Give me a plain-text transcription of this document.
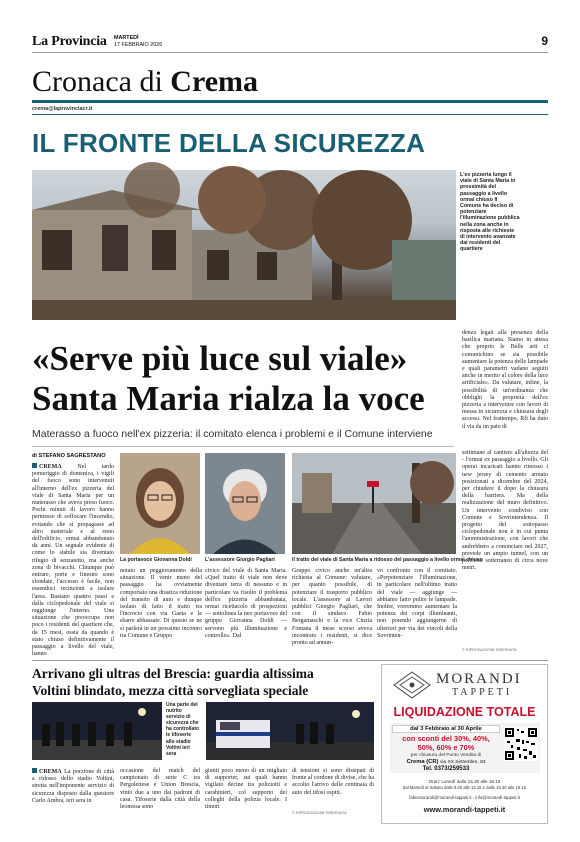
La Provincia MARTEDÌ
17 FEBBRAIO 2026	9
Cronaca di Crema
crema@laprovinciacr.it
IL FRONTE DELLA SICUREZZA
L'ex pizzeria lungo il viale di Santa Maria in prossimità del passaggio a livello ormai chiuso Il Comune ha deciso di potenziare l'illuminazione pubblica nella zona anche in risposta alle richieste di intervento avanzate dai residenti del quartiere
«Serve più luce sul viale»
Santa Maria rialza la voce
Materasso a fuoco nell'ex pizzeria: il comitato elenca i problemi e il Comune interviene
di STEFANO SAGRESTANO
CREMA	Nel tardo pomeriggio di domenica, i vigili del fuoco sono intervenuti all'interno dell'ex pizzeria del viale di Santa Maria per un materasso che aveva preso fuoco. Pochi minuti di lavoro hanno permesso di soffocare l'incendio, evitando che si propagasse ad altro materiale e al resto dell'edificio, ormai abbandonato da anni. Un segnale evidente di come lo stabile sia diventato rifugio di senzatetto, ma anche zona di bivacchi. Chiunque può entrare, porte e finestre sono sfondate, l'accesso è facile, non essendoci recinzioni a isolare l'area. Bastano quattro passi e dalla ciclopedonale del viale si raggiunge l'interno. Una situazione che preoccupa non poco i residenti del quartiere che, da 15 mesi, ossia da quando è stato chiuso definitivamente il passaggio a livello del viale, hanno
La portavoce Giovanna Doldi	L'assessore Giorgio Pagliari	Il tratto del viale di Santa Maria a ridosso del passaggio a livello ormai chiuso
notato un peggioramento della situazione. Il venir meno del passaggio ha ovviamente comportato una drastica riduzione del transito di auto e dunque isolato di fatto il tratto tra l'incrocio con via Gaeta e le sbarre abbassate. Di questo se ne si parlerà in un prossimo incontro tra Comune e Gruppo
civico del viale di Santa Maria. «Quel tratto di viale non deve diventare terra di nessuno e in particolare va risolto il problema dell'ex pizzeria abbandonata, ormai ricettacolo di prospezioni — sottolinea la neo portavoce del gruppo Giovanna Doldi — servono più illuminazione e controllo». Dal
Gruppo civico anche un'altra richiesta al Comune: valutare, per quanto possibile, di potenziare il trasporto pubblico locale. L'assessore ai Lavori pubblici Giorgio Pagliari, che con il sindaco Fabio Bergamaschi e la vice Cinzia Fontana il mese scorso aveva incontrato i residenti, si dice pronto ad annun-
vo confronto con il comitato. «Perpotenziare l'illuminazione, in particolare nell'ultimo tratto del viale — aggiunge — abbiamo fatto pulire le lampade. Inoltre, vorremmo aumentare la potenza dei corpi illuminanti, non potendo aggiungerne di ulteriori per via dei vincoli della Sovrinten-
denza legati alla presenza della basilica mariana. Siamo in attesa che proprio le Belle arti ci comunichino se sia possibile aumentare la potenza delle lampade e quali parametri vadano seguiti anche in merito al colore della luce artificiale». Da valutare, infine, la possibilità di un'ordinanza che obblighi la proprietà dell'ex pizzeria a intervenire con lavori di messa in sicurezza e chiusura degli accessi. Nel frattempo, Rfi ha dato il via da un paio di
settimane al cantiere all'altezza del - l'ormai ex passaggio a livello. Gli operai incaricati hanno rimosso i new jersey di cemento armato posizionati a dicembre del 2024, per chiudere il dopo la chiusura della barriera. Ma della realizzazione del muro definitivo. Un intervento condiviso con Comune e Sovrintendenza. Il progetto del sottopasso ciclopedonale non è in cui punta l'amministrazione, con lavori che andrebbero a cominciare nel 2027, prevede un ampio tunnel, con un percorso sotterraneo di circa nove metri.
© RIPRODUZIONE RISERVATA
Arrivano gli ultras del Brescia: guardia altissima
Voltini blindato, mezza città sorvegliata speciale
Una parte del nutrito servizio di sicurezza che ha controllato le tifoserie allo stadio Voltini ieri sera
CREMA La porzione di città a ridosso dello stadio Voltini, stretta nell'imponente servizio di sicurezza disposto dalla questore Carlo Ambra, ieri sera in
occasione del match del campionato di serie C tra Pergolettese e Union Brescia, vinto due a uno dai padroni di casa. Tifoserie dalla città della leonessa sono
giunti poco meno di un migliaio di supporter, sui quali hanno vigilato decine tra poliziotti e carabinieri, col supporto dei colleghi della polizia locale. I timori
di tensioni si sono dissipati di fronte al cordone di divise, che ha accolto l'arrivo delle centinaia di auto dei tifosi ospiti.
© RIPRODUZIONE RISERVATA
MORANDI
TAPPETI
LIQUIDAZIONE TOTALE
dal 3 Febbraio al 30 Aprile
con sconti del 30%, 40%,
50%, 60% e 70%
per chiusura del Punto Vendita di
Crema (CR) via XX Settembre, 83
Tel. 0373/259533
Orari: Lunedì dalle 15.30 alle 19.15
dal Martedì al Sabato dalle 9.00 alle 12.15 e dalle 15.30 alle 19.15
fabiomorandi@morandi-tappeti.it - info@morandi-tappeti.it
www.morandi-tappeti.it
